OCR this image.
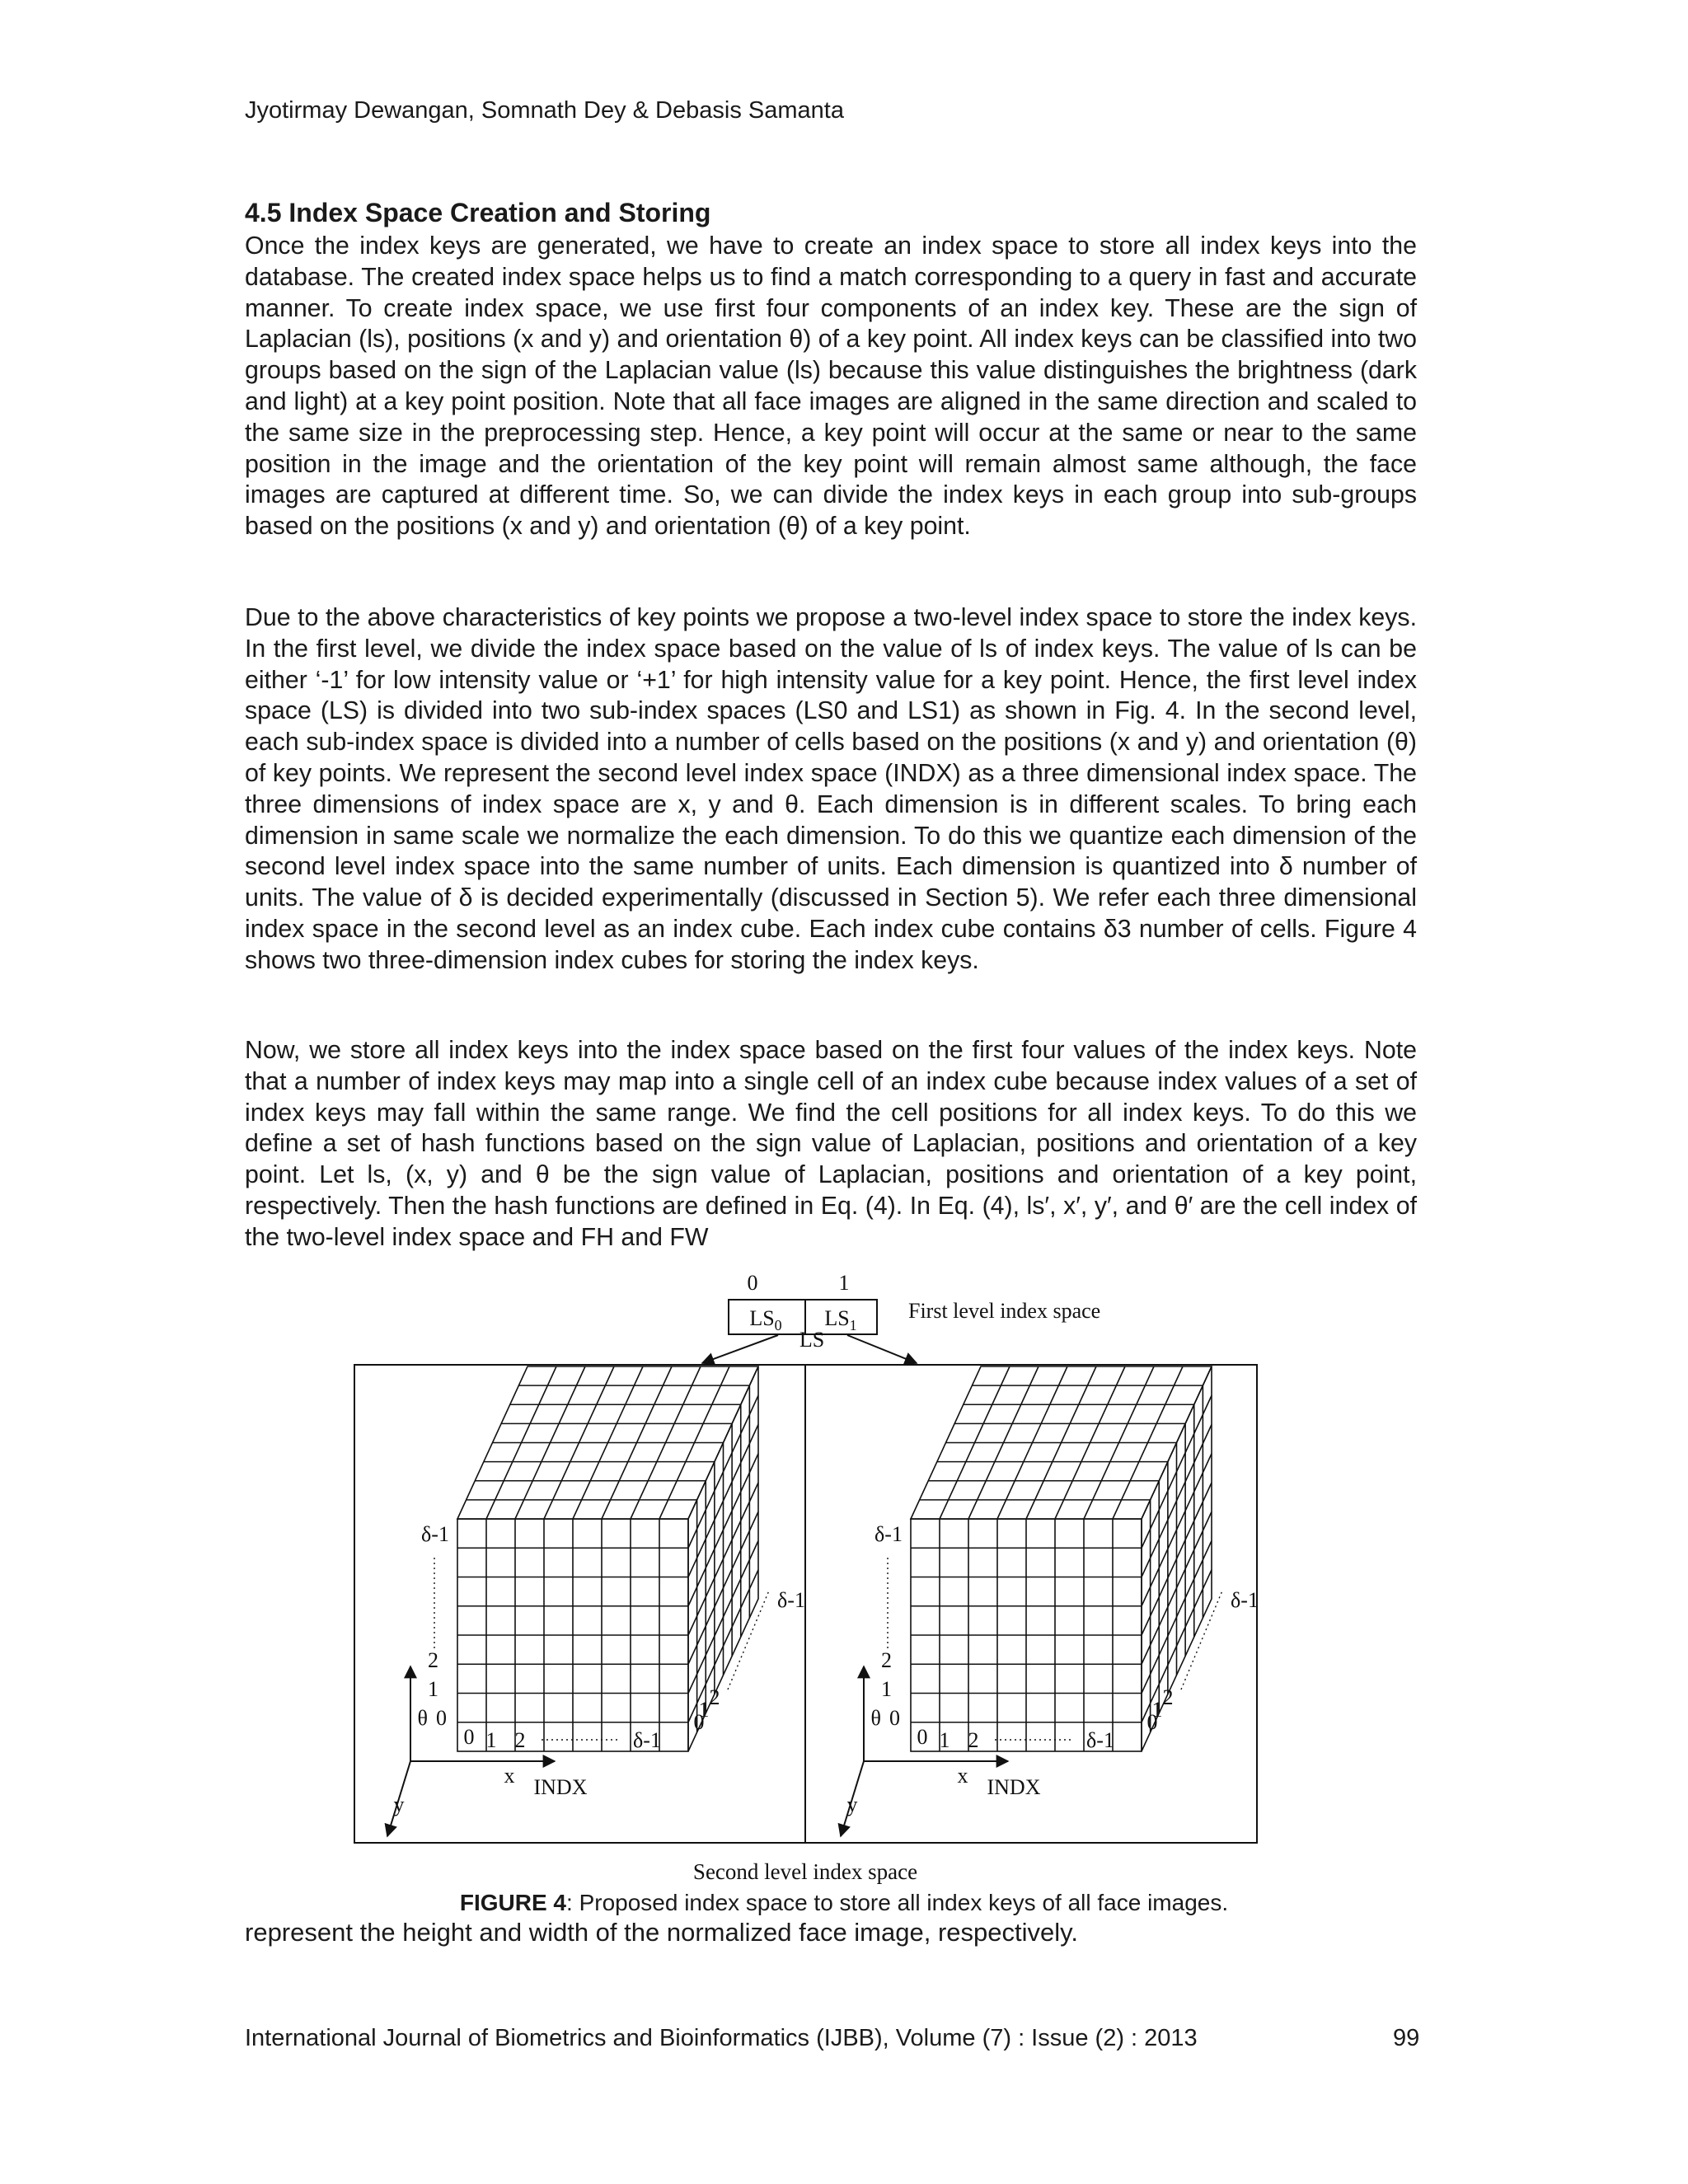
Jyotirmay Dewangan, Somnath Dey & Debasis Samanta
4.5 Index Space Creation and Storing
Once the index keys are generated, we have to create an index space to store all index keys into the database. The created index space helps us to find a match corresponding to a query in fast and accurate manner. To create index space, we use first four components of an index key. These are the sign of Laplacian (ls), positions (x and y) and orientation θ) of a key point. All index keys can be classified into two groups based on the sign of the Laplacian value (ls) because this value distinguishes the brightness (dark and light) at a key point position. Note that all face images are aligned in the same direction and scaled to the same size in the preprocessing step. Hence, a key point will occur at the same or near to the same position in the image and the orientation of the key point will remain almost same although, the face images are captured at different time. So, we can divide the index keys in each group into sub-groups based on the positions (x and y) and orientation (θ) of a key point.
Due to the above characteristics of key points we propose a two-level index space to store the index keys. In the first level, we divide the index space based on the value of ls of index keys. The value of ls can be either ‘-1’ for low intensity value or ‘+1’ for high intensity value for a key point. Hence, the first level index space (LS) is divided into two sub-index spaces (LS0 and LS1) as shown in Fig. 4. In the second level, each sub-index space is divided into a number of cells based on the positions (x and y) and orientation (θ) of key points. We represent the second level index space (INDX) as a three dimensional index space. The three dimensions of index space are x, y and θ. Each dimension is in different scales. To bring each dimension in same scale we normalize the each dimension. To do this we quantize each dimension of the second level index space into the same number of units. Each dimension is quantized into δ number of units. The value of δ is decided experimentally (discussed in Section 5). We refer each three dimensional index space in the second level as an index cube. Each index cube contains δ3 number of cells. Figure 4 shows two three-dimension index cubes for storing the index keys.
Now, we store all index keys into the index space based on the first four values of the index keys. Note that a number of index keys may map into a single cell of an index cube because index values of a set of index keys may fall within the same range. We find the cell positions for all index keys. To do this we define a set of hash functions based on the sign value of Laplacian, positions and orientation of a key point. Let ls, (x, y) and θ be the sign value of Laplacian, positions and orientation of a key point, respectively. Then the hash functions are defined in Eq. (4). In Eq. (4), ls′, x′, y′, and θ′ are the cell index of the two-level index space and FH and FW
0	1
$LS_0$ $LS_1$
First level index space
LS
δ-1
2
1
0
θ
0 1 2	δ-1
0
1
2
δ-1
x
y
INDX
δ-1
2
1
0
θ
0 1 2	δ-1
0
1
2
δ-1
x
y
INDX
Second level index space
FIGURE 4: Proposed index space to store all index keys of all face images.
represent the height and width of the normalized face image, respectively.
International Journal of Biometrics and Bioinformatics (IJBB), Volume (7) : Issue (2) : 2013	99
